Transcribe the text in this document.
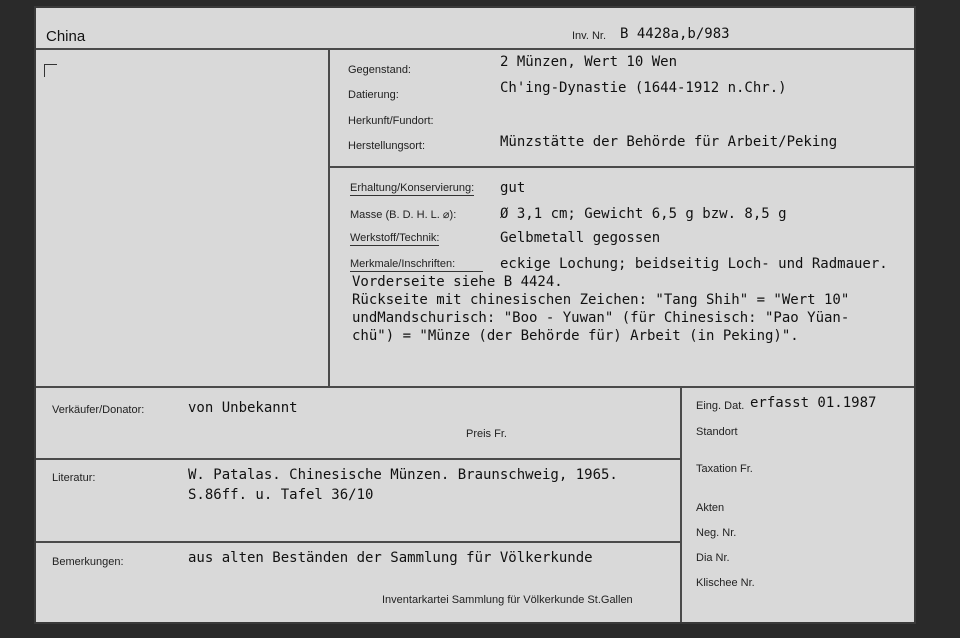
China	Inv. Nr. B 4428a,b/983
Gegenstand:	2 Münzen, Wert 10 Wen
Datierung:	Ch'ing-Dynastie (1644-1912 n.Chr.)
Herkunft/Fundort:
Herstellungsort:	Münzstätte der Behörde für Arbeit/Peking
Erhaltung/Konservierung: gut
Masse (B. D. H. L. ⌀):	Ø 3,1 cm; Gewicht 6,5 g bzw. 8,5 g
Werkstoff/Technik:	Gelbmetall gegossen
Merkmale/Inschriften:	eckige Lochung; beidseitig Loch- und Radmauer.
Vorderseite siehe B 4424.
Rückseite mit chinesischen Zeichen: "Tang Shih" = "Wert 10"
undMandschurisch: "Boo - Yuwan" (für Chinesisch: "Pao Yüan-
chü") = "Münze (der Behörde für) Arbeit (in Peking)".
Verkäufer/Donator:	von Unbekannt
Preis Fr.
Literatur:	W. Patalas. Chinesische Münzen. Braunschweig, 1965.
S.86ff. u. Tafel 36/10
Bemerkungen:	aus alten Beständen der Sammlung für Völkerkunde
Inventarkartei Sammlung für Völkerkunde St.Gallen
Eing. Dat. erfasst 01.1987
Standort
Taxation Fr.
Akten
Neg. Nr.
Dia Nr.
Klischee Nr.
